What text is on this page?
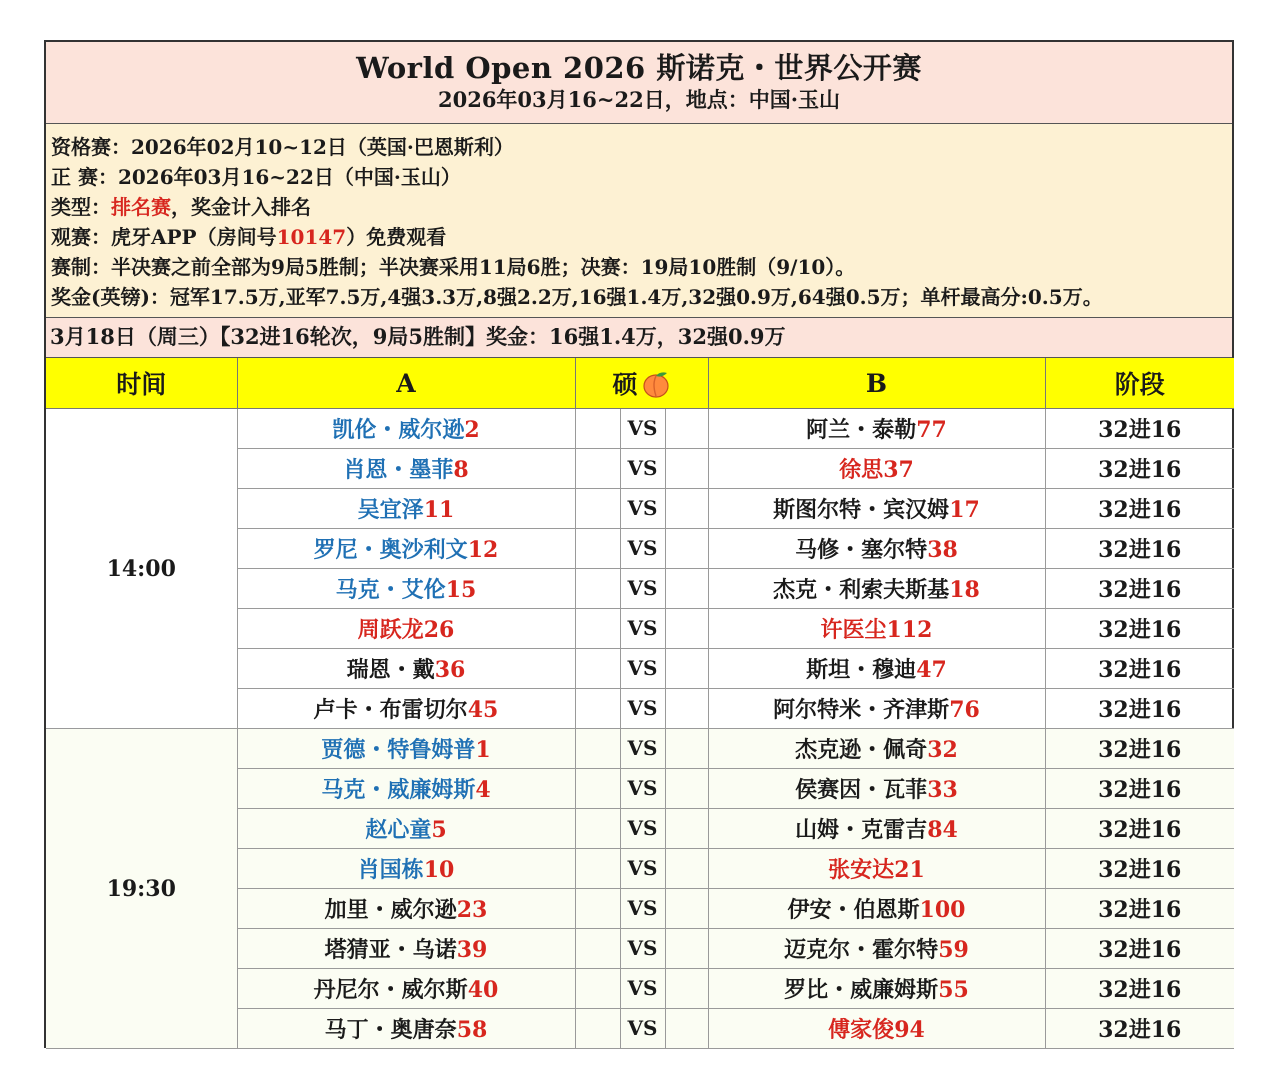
World Open 2026 斯诺克・世界公开赛
2026年03月16~22日，地点：中国·玉山
资格赛：2026年02月10~12日（英国·巴恩斯利）
正 赛：2026年03月16~22日（中国·玉山）
类型：排名赛，奖金计入排名
观赛：虎牙APP（房间号10147）免费观看
赛制：半决赛之前全部为9局5胜制；半决赛采用11局6胜；决赛：19局10胜制（9/10）。
奖金(英镑)：冠军17.5万,亚军7.5万,4强3.3万,8强2.2万,16强1.4万,32强0.9万,64强0.5万；单杆最高分:0.5万。
3月18日（周三）【32进16轮次，9局5胜制】奖金：16强1.4万，32强0.9万
时间	A	硕	B	阶段
14:00	凯伦・威尔逊2	VS	阿兰・泰勒77	32进16
	肖恩・墨菲8	VS	徐思37	32进16
	吴宜泽11	VS	斯图尔特・宾汉姆17	32进16
	罗尼・奥沙利文12	VS	马修・塞尔特38	32进16
	马克・艾伦15	VS	杰克・利索夫斯基18	32进16
	周跃龙26	VS	许医尘112	32进16
	瑞恩・戴36	VS	斯坦・穆迪47	32进16
	卢卡・布雷切尔45	VS	阿尔特米・齐津斯76	32进16
19:30	贾德・特鲁姆普1	VS	杰克逊・佩奇32	32进16
	马克・威廉姆斯4	VS	侯赛因・瓦菲33	32进16
	赵心童5	VS	山姆・克雷吉84	32进16
	肖国栋10	VS	张安达21	32进16
	加里・威尔逊23	VS	伊安・伯恩斯100	32进16
	塔猜亚・乌诺39	VS	迈克尔・霍尔特59	32进16
	丹尼尔・威尔斯40	VS	罗比・威廉姆斯55	32进16
	马丁・奥唐奈58	VS	傅家俊94	32进16
